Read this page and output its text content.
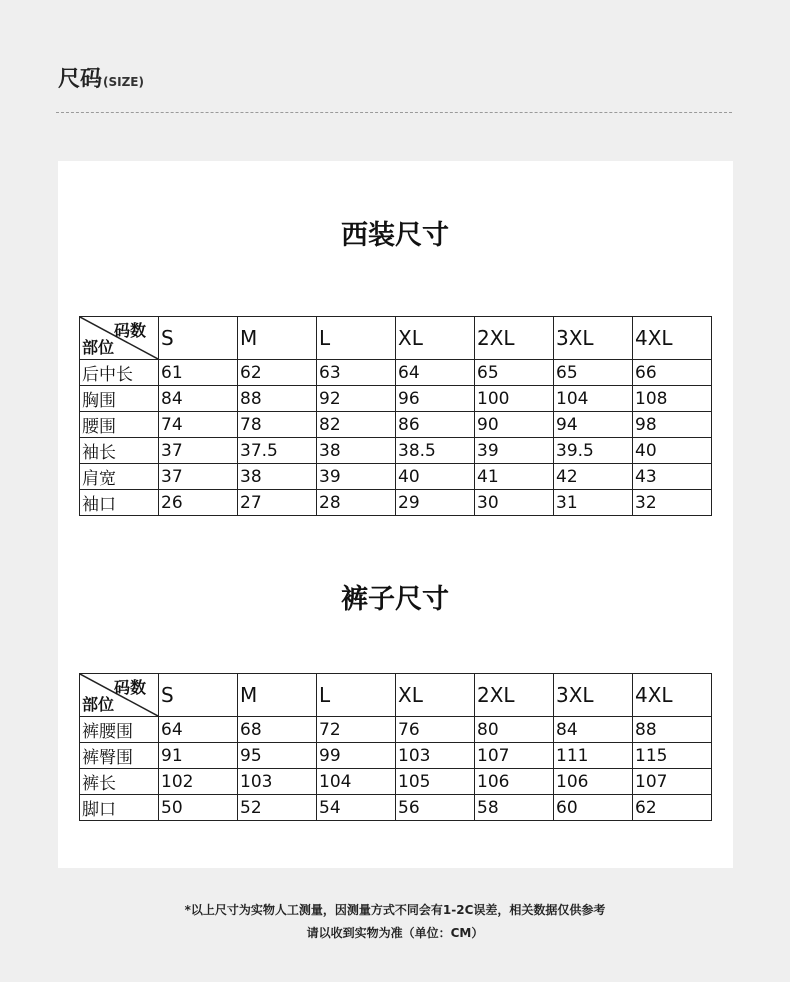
尺码(SIZE)
西装尺寸
码数
部位	S	M	L	XL	2XL	3XL	4XL
后中长	61	62	63	64	65	65	66
胸围	84	88	92	96	100	104	108
腰围	74	78	82	86	90	94	98
袖长	37	37.5	38	38.5	39	39.5	40
肩宽	37	38	39	40	41	42	43
袖口	26	27	28	29	30	31	32
裤子尺寸
码数
部位	S	M	L	XL	2XL	3XL	4XL
裤腰围	64	68	72	76	80	84	88
裤臀围	91	95	99	103	107	111	115
裤长	102	103	104	105	106	106	107
脚口	50	52	54	56	58	60	62
*以上尺寸为实物人工测量，因测量方式不同会有1-2C误差，相关数据仅供参考
请以收到实物为准（单位：CM）
